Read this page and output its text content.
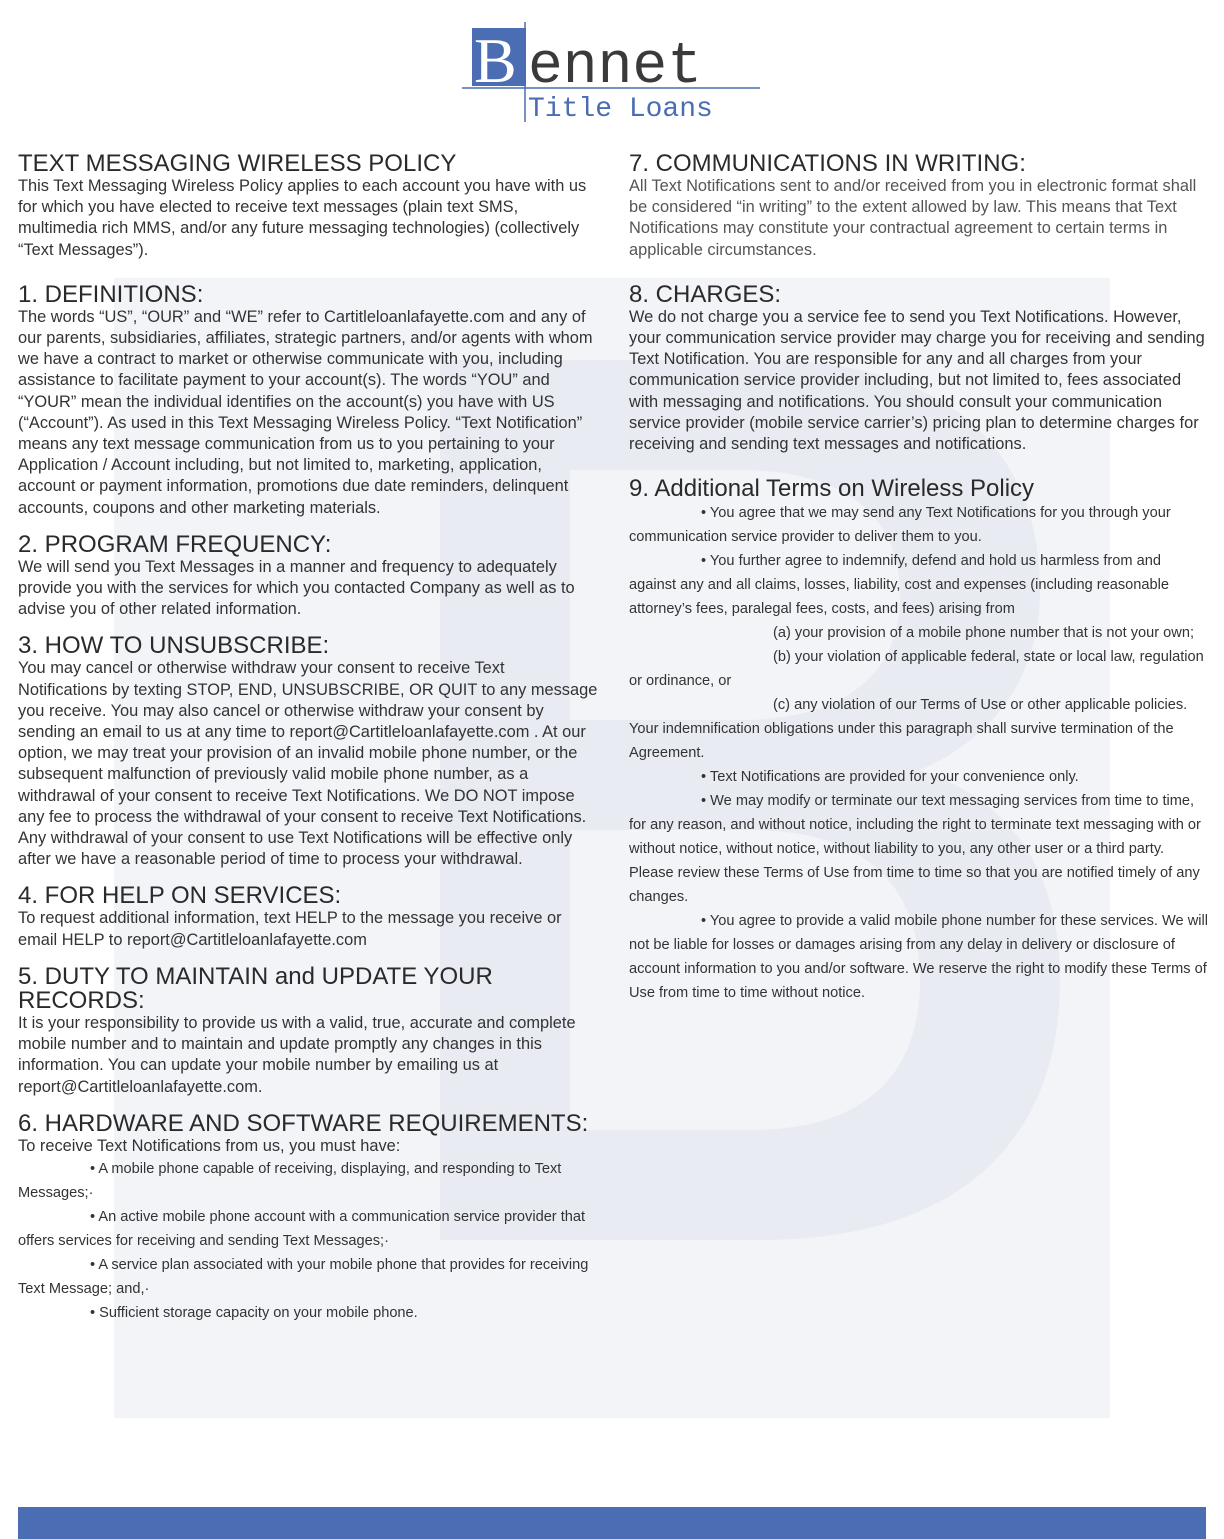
B ennet
Title Loans
TEXT MESSAGING WIRELESS POLICY

This Text Messaging Wireless Policy applies to each account you have with us for which you have elected to receive text messages (plain text SMS, multimedia rich MMS, and/or any future messaging technologies) (collectively “Text Messages”).

1. DEFINITIONS:

The words “US”, “OUR” and “WE” refer to Cartitleloanlafayette.com and any of our parents, subsidiaries, affiliates, strategic partners, and/or agents with whom we have a contract to market or otherwise communicate with you, including assistance to facilitate payment to your account(s). The words “YOU” and “YOUR” mean the individual identifies on the account(s) you have with US (“Account”). As used in this Text Messaging Wireless Policy. “Text Notification” means any text message communication from us to you pertaining to your Application / Account including, but not limited to, marketing, application, account or payment information, promotions due date reminders, delinquent accounts, coupons and other marketing materials.

2. PROGRAM FREQUENCY:

We will send you Text Messages in a manner and frequency to adequately provide you with the services for which you contacted Company as well as to advise you of other related information.

3. HOW TO UNSUBSCRIBE:

You may cancel or otherwise withdraw your consent to receive Text Notifications by texting STOP, END, UNSUBSCRIBE, OR QUIT to any message you receive. You may also cancel or otherwise withdraw your consent by sending an email to us at any time to report@Cartitleloanlafayette.com . At our option, we may treat your provision of an invalid mobile phone number, or the subsequent malfunction of previously valid mobile phone number, as a withdrawal of your consent to receive Text Notifications. We DO NOT impose any fee to process the withdrawal of your consent to receive Text Notifications. Any withdrawal of your consent to use Text Notifications will be effective only after we have a reasonable period of time to process your withdrawal.

4. FOR HELP ON SERVICES:

To request additional information, text HELP to the message you receive or email HELP to report@Cartitleloanlafayette.com

5. DUTY TO MAINTAIN and UPDATE YOUR RECORDS:

It is your responsibility to provide us with a valid, true, accurate and complete mobile number and to maintain and update promptly any changes in this information. You can update your mobile number by emailing us at report@Cartitleloanlafayette.com.

6. HARDWARE AND SOFTWARE REQUIREMENTS:

To receive Text Notifications from us, you must have:

• A mobile phone capable of receiving, displaying, and responding to Text Messages;·

• An active mobile phone account with a communication service provider that offers services for receiving and sending Text Messages;·

• A service plan associated with your mobile phone that provides for receiving Text Message; and,·

• Sufficient storage capacity on your mobile phone.

7. COMMUNICATIONS IN WRITING:

All Text Notifications sent to and/or received from you in electronic format shall be considered “in writing” to the extent allowed by law. This means that Text Notifications may constitute your contractual agreement to certain terms in applicable circumstances.

8. CHARGES:

We do not charge you a service fee to send you Text Notifications. However, your communication service provider may charge you for receiving and sending Text Notification. You are responsible for any and all charges from your communication service provider including, but not limited to, fees associated with messaging and notifications. You should consult your communication service provider (mobile service carrier’s) pricing plan to determine charges for receiving and sending text messages and notifications.

9. Additional Terms on Wireless Policy

• You agree that we may send any Text Notifications for you through your communication service provider to deliver them to you.

• You further agree to indemnify, defend and hold us harmless from and against any and all claims, losses, liability, cost and expenses (including reasonable attorney’s fees, paralegal fees, costs, and fees) arising from

(a) your provision of a mobile phone number that is not your own;

(b) your violation of applicable federal, state or local law, regulation or ordinance, or

(c) any violation of our Terms of Use or other applicable policies. Your indemnification obligations under this paragraph shall survive termination of the Agreement.

• Text Notifications are provided for your convenience only.

• We may modify or terminate our text messaging services from time to time, for any reason, and without notice, including the right to terminate text messaging with or without notice, without notice, without liability to you, any other user or a third party. Please review these Terms of Use from time to time so that you are notified timely of any changes.

• You agree to provide a valid mobile phone number for these services. We will not be liable for losses or damages arising from any delay in delivery or disclosure of account information to you and/or software. We reserve the right to modify these Terms of Use from time to time without notice.
